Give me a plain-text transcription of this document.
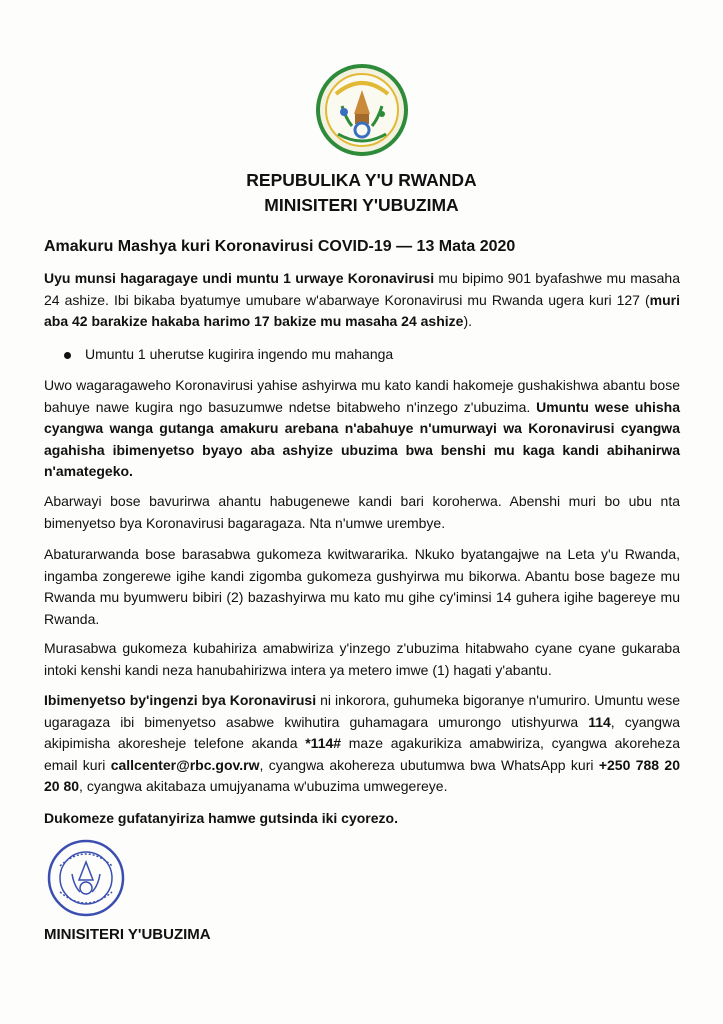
REPUBULIKA Y'U RWANDA
MINISITERI Y'UBUZIMA
Amakuru Mashya kuri Koronavirusi COVID-19 — 13 Mata 2020
Uyu munsi hagaragaye undi muntu 1 urwaye Koronavirusi mu bipimo 901 byafashwe mu masaha 24 ashize. Ibi bikaba byatumye umubare w'abarwaye Koronavirusi mu Rwanda ugera kuri 127 (muri aba 42 barakize hakaba harimo 17 bakize mu masaha 24 ashize).
Umuntu 1 uherutse kugirira ingendo mu mahanga
Uwo wagaragaweho Koronavirusi yahise ashyirwa mu kato kandi hakomeje gushakishwa abantu bose bahuye nawe kugira ngo basuzumwe ndetse bitabweho n'inzego z'ubuzima. Umuntu wese uhisha cyangwa wanga gutanga amakuru arebana n'abahuye n'umurwayi wa Koronavirusi cyangwa agahisha ibimenyetso byayo aba ashyize ubuzima bwa benshi mu kaga kandi abihanirwa n'amategeko.
Abarwayi bose bavurirwa ahantu habugenewe kandi bari koroherwa. Abenshi muri bo ubu nta bimenyetso bya Koronavirusi bagaragaza. Nta n'umwe urembye.
Abaturarwanda bose barasabwa gukomeza kwitwararika. Nkuko byatangajwe na Leta y'u Rwanda, ingamba zongerewe igihe kandi zigomba gukomeza gushyirwa mu bikorwa. Abantu bose bageze mu Rwanda mu byumweru bibiri (2) bazashyirwa mu kato mu gihe cy'iminsi 14 guhera igihe bagereye mu Rwanda.
Murasabwa gukomeza kubahiriza amabwiriza y'inzego z'ubuzima hitabwaho cyane cyane gukaraba intoki kenshi kandi neza hanubahirizwa intera ya metero imwe (1) hagati y'abantu.
Ibimenyetso by'ingenzi bya Koronavirusi ni inkorora, guhumeka bigoranye n'umuriro. Umuntu wese ugaragaza ibi bimenyetso asabwe kwihutira guhamagara umurongo utishyurwa 114, cyangwa akipimisha akoresheje telefone akanda *114# maze agakurikiza amabwiriza, cyangwa akoreheza email kuri callcenter@rbc.gov.rw, cyangwa akohereza ubutumwa bwa WhatsApp kuri +250 788 20 20 80, cyangwa akitabaza umujyanama w'ubuzima umwegereye.
Dukomeze gufatanyiriza hamwe gutsinda iki cyorezo.
MINISITERI Y'UBUZIMA
